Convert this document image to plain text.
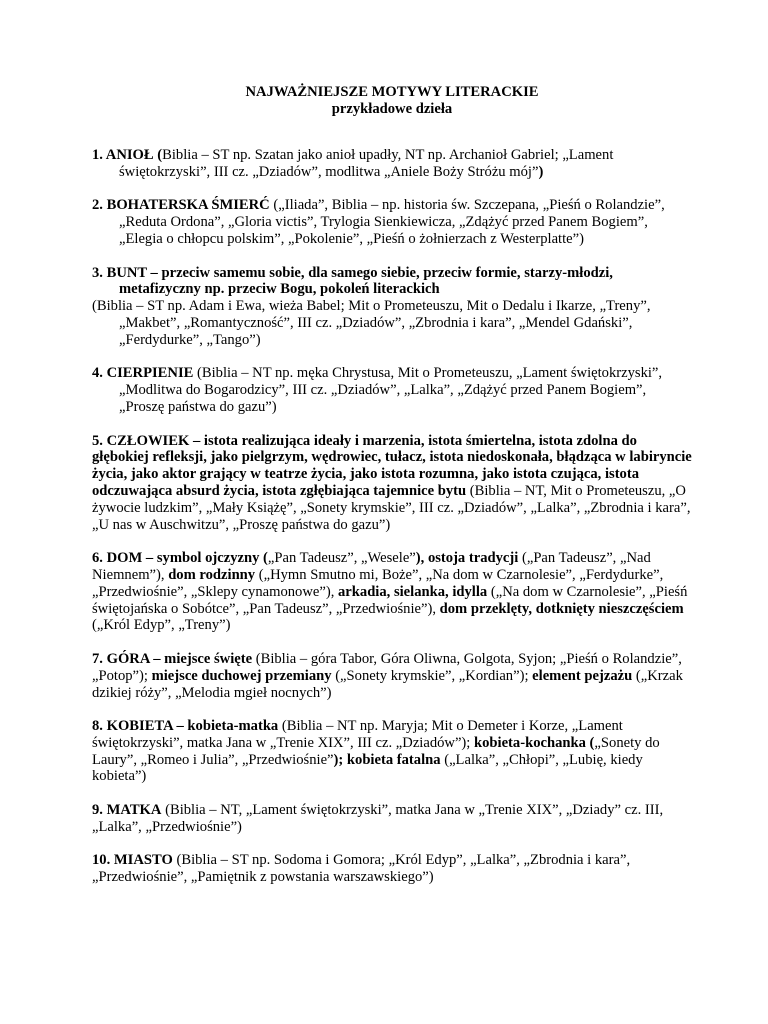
NAJWAŻNIEJSZE MOTYWY LITERACKIE

przykładowe dzieła

1. ANIOŁ (Biblia – ST np. Szatan jako anioł upadły, NT np. Archanioł Gabriel; „Lament świętokrzyski”, III cz. „Dziadów”, modlitwa „Aniele Boży Stróżu mój”)
2. BOHATERSKA ŚMIERĆ („Iliada”, Biblia – np. historia św. Szczepana, „Pieśń o Rolandzie”, „Reduta Ordona”, „Gloria victis”, Trylogia Sienkiewicza, „Zdążyć przed Panem Bogiem”, „Elegia o chłopcu polskim”, „Pokolenie”, „Pieśń o żołnierzach z Westerplatte”)
3. BUNT – przeciw samemu sobie, dla samego siebie, przeciw formie, starzy-młodzi, metafizyczny np. przeciw Bogu, pokoleń literackich
(Biblia – ST np. Adam i Ewa, wieża Babel; Mit o Prometeuszu, Mit o Dedalu i Ikarze, „Treny”, „Makbet”, „Romantyczność”, III cz. „Dziadów”, „Zbrodnia i kara”, „Mendel Gdański”, „Ferdydurke”, „Tango”)
4. CIERPIENIE (Biblia – NT np. męka Chrystusa, Mit o Prometeuszu, „Lament świętokrzyski”, „Modlitwa do Bogarodzicy”, III cz. „Dziadów”, „Lalka”, „Zdążyć przed Panem Bogiem”, „Proszę państwa do gazu”)
5. CZŁOWIEK – istota realizująca ideały i marzenia, istota śmiertelna, istota zdolna do głębokiej refleksji, jako pielgrzym, wędrowiec, tułacz, istota niedoskonała, błądząca w labiryncie życia, jako aktor grający w teatrze życia, jako istota rozumna, jako istota czująca, istota odczuwająca absurd życia, istota zgłębiająca tajemnice bytu (Biblia – NT, Mit o Prometeuszu, „O żywocie ludzkim”, „Mały Książę”, „Sonety krymskie”, III cz. „Dziadów”, „Lalka”, „Zbrodnia i kara”, „U nas w Auschwitzu”, „Proszę państwa do gazu”)
6. DOM – symbol ojczyzny („Pan Tadeusz”, „Wesele”), ostoja tradycji („Pan Tadeusz”, „Nad Niemnem”), dom rodzinny („Hymn Smutno mi, Boże”, „Na dom w Czarnolesie”, „Ferdydurke”, „Przedwiośnie”, „Sklepy cynamonowe”), arkadia, sielanka, idylla („Na dom w Czarnolesie”, „Pieśń świętojańska o Sobótce”, „Pan Tadeusz”, „Przedwiośnie”), dom przeklęty, dotknięty nieszczęściem („Król Edyp”, „Treny”)
7. GÓRA – miejsce święte (Biblia – góra Tabor, Góra Oliwna, Golgota, Syjon; „Pieśń o Rolandzie”, „Potop”); miejsce duchowej przemiany („Sonety krymskie”, „Kordian”); element pejzażu („Krzak dzikiej róży”, „Melodia mgieł nocnych”)
8. KOBIETA – kobieta-matka (Biblia – NT np. Maryja; Mit o Demeter i Korze, „Lament świętokrzyski”, matka Jana w „Trenie XIX”, III cz. „Dziadów”); kobieta-kochanka („Sonety do Laury”, „Romeo i Julia”, „Przedwiośnie”); kobieta fatalna („Lalka”, „Chłopi”, „Lubię, kiedy kobieta”)
9. MATKA (Biblia – NT, „Lament świętokrzyski”, matka Jana w „Trenie XIX”, „Dziady” cz. III, „Lalka”, „Przedwiośnie”)
10. MIASTO (Biblia – ST np. Sodoma i Gomora; „Król Edyp”, „Lalka”, „Zbrodnia i kara”, „Przedwiośnie”, „Pamiętnik z powstania warszawskiego”)
